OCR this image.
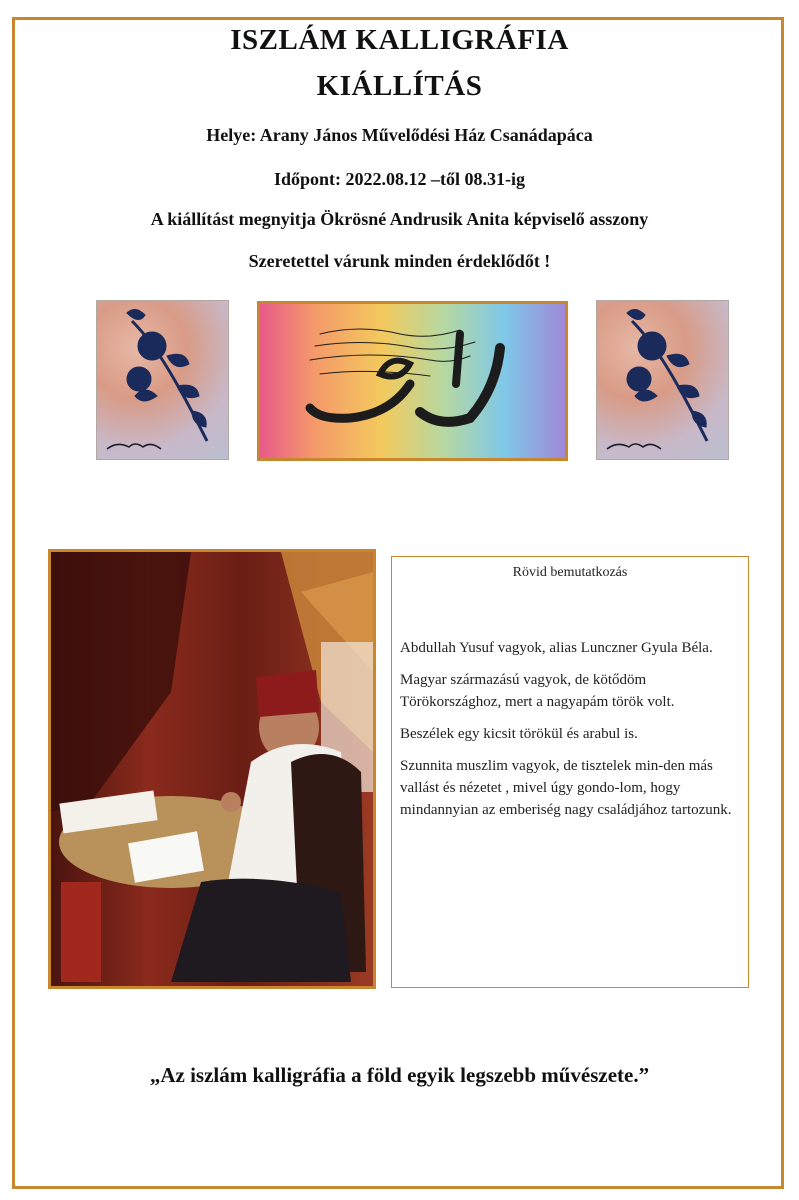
ISZLÁM KALLIGRÁFIA
KIÁLLÍTÁS

Helye: Arany János Művelődési Ház Csanádapáca

Időpont: 2022.08.12 –től 08.31-ig

A kiállítást megnyitja Ökrösné Andrusik Anita képviselő asszony

Szeretettel várunk minden érdeklődőt !

Rövid bemutatkozás

Abdullah Yusuf vagyok, alias Lunczner Gyula Béla.

Magyar származású vagyok, de kötődöm Törökországhoz, mert a nagyapám török volt.

Beszélek egy kicsit törökül és arabul is.

Szunnita muszlim vagyok, de tisztelek min-den más vallást és nézetet , mivel úgy gondo-lom, hogy mindannyian az emberiség nagy családjához tartozunk.

„Az iszlám kalligráfia a föld egyik legszebb művészete.”
